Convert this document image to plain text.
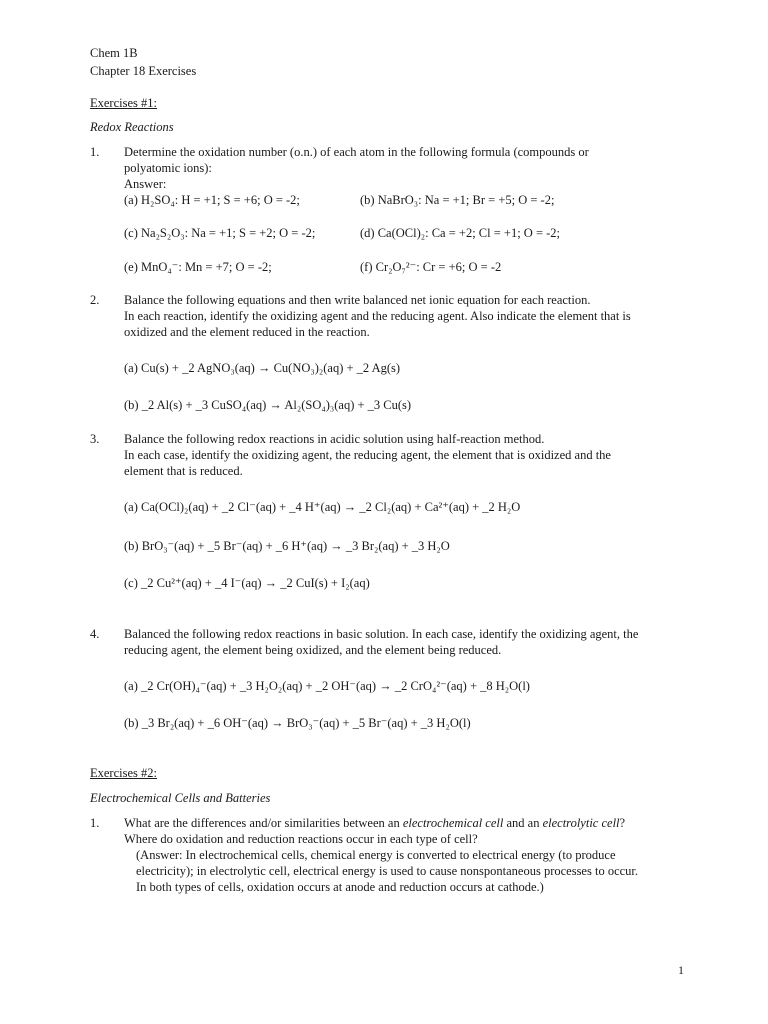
Chem 1B
Chapter 18 Exercises
Exercises #1:
Redox Reactions
1. Determine the oxidation number (o.n.) of each atom in the following formula (compounds or
polyatomic ions):
Answer:
(a) H₂SO₄: H = +1; S = +6; O = -2;	(b) NaBrO₃: Na = +1; Br = +5; O = -2;
(c) Na₂S₂O₃: Na = +1; S = +2; O = -2;	(d) Ca(OCl)₂: Ca = +2; Cl = +1; O = -2;
(e) MnO₄⁻: Mn = +7; O = -2;	(f) Cr₂O₇²⁻: Cr = +6; O = -2
2. Balance the following equations and then write balanced net ionic equation for each reaction.
In each reaction, identify the oxidizing agent and the reducing agent. Also indicate the element that is
oxidized and the element reduced in the reaction.
(a) Cu(s) + _2 AgNO₃(aq) → Cu(NO₃)₂(aq) + _2 Ag(s)
(b) _2 Al(s) + _3 CuSO₄(aq) → Al₂(SO₄)₃(aq) + _3 Cu(s)
3. Balance the following redox reactions in acidic solution using half-reaction method.
In each case, identify the oxidizing agent, the reducing agent, the element that is oxidized and the
element that is reduced.
(a) Ca(OCl)₂(aq) + _2 Cl⁻(aq) + _4 H⁺(aq) → _2 Cl₂(aq) + Ca²⁺(aq) + _2 H₂O
(b) BrO₃⁻(aq) + _5 Br⁻(aq) + _6 H⁺(aq) → _3 Br₂(aq) + _3 H₂O
(c) _2 Cu²⁺(aq) + _4 I⁻(aq) → _2 CuI(s) + I₂(aq)
4. Balanced the following redox reactions in basic solution. In each case, identify the oxidizing agent, the
reducing agent, the element being oxidized, and the element being reduced.
(a) _2 Cr(OH)₄⁻(aq) + _3 H₂O₂(aq) + _2 OH⁻(aq) → _2 CrO₄²⁻(aq) + _8 H₂O(l)
(b) _3 Br₂(aq) + _6 OH⁻(aq) → BrO₃⁻(aq) + _5 Br⁻(aq) + _3 H₂O(l)
Exercises #2:
Electrochemical Cells and Batteries
1. What are the differences and/or similarities between an electrochemical cell and an electrolytic cell?
Where do oxidation and reduction reactions occur in each type of cell?
(Answer: In electrochemical cells, chemical energy is converted to electrical energy (to produce
electricity); in electrolytic cell, electrical energy is used to cause nonspontaneous processes to occur.
In both types of cells, oxidation occurs at anode and reduction occurs at cathode.)
1
